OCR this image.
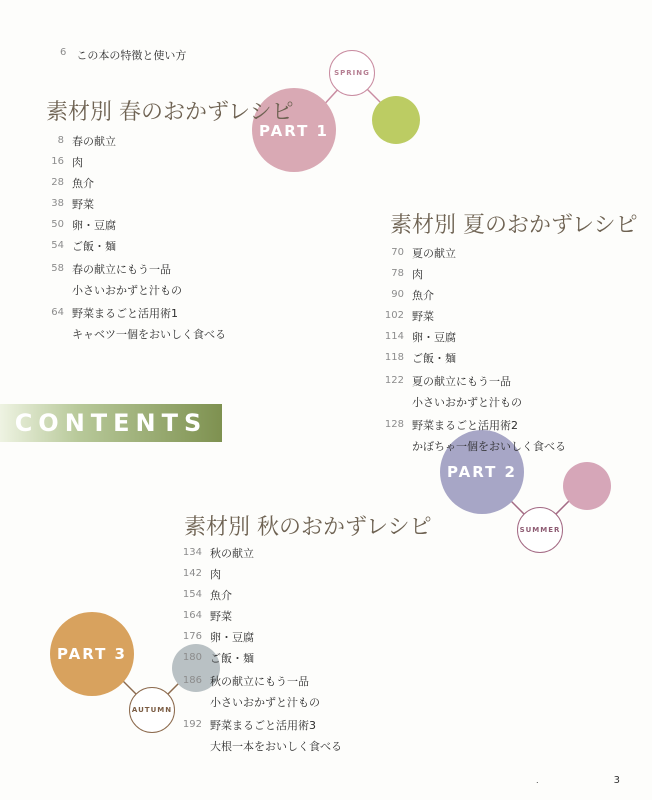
PART 1
SPRING
PART 2
SUMMER
PART 3
AUTUMN
6 この本の特徴と使い方
素材別 春のおかずレシピ
8 春の献立
16 肉
28 魚介
38 野菜
50 卵・豆腐
54 ご飯・麺
58 春の献立にもう一品
小さいおかずと汁もの
64 野菜まるごと活用術1
キャベツ一個をおいしく食べる
素材別 夏のおかずレシピ
70 夏の献立
78 肉
90 魚介
102 野菜
114 卵・豆腐
118 ご飯・麺
122 夏の献立にもう一品
小さいおかずと汁もの
128 野菜まるごと活用術2
かぼちゃ一個をおいしく食べる
CONTENTS
素材別 秋のおかずレシピ
134 秋の献立
142 肉
154 魚介
164 野菜
176 卵・豆腐
180 ご飯・麺
186 秋の献立にもう一品
小さいおかずと汁もの
192 野菜まるごと活用術3
大根一本をおいしく食べる
.	3
